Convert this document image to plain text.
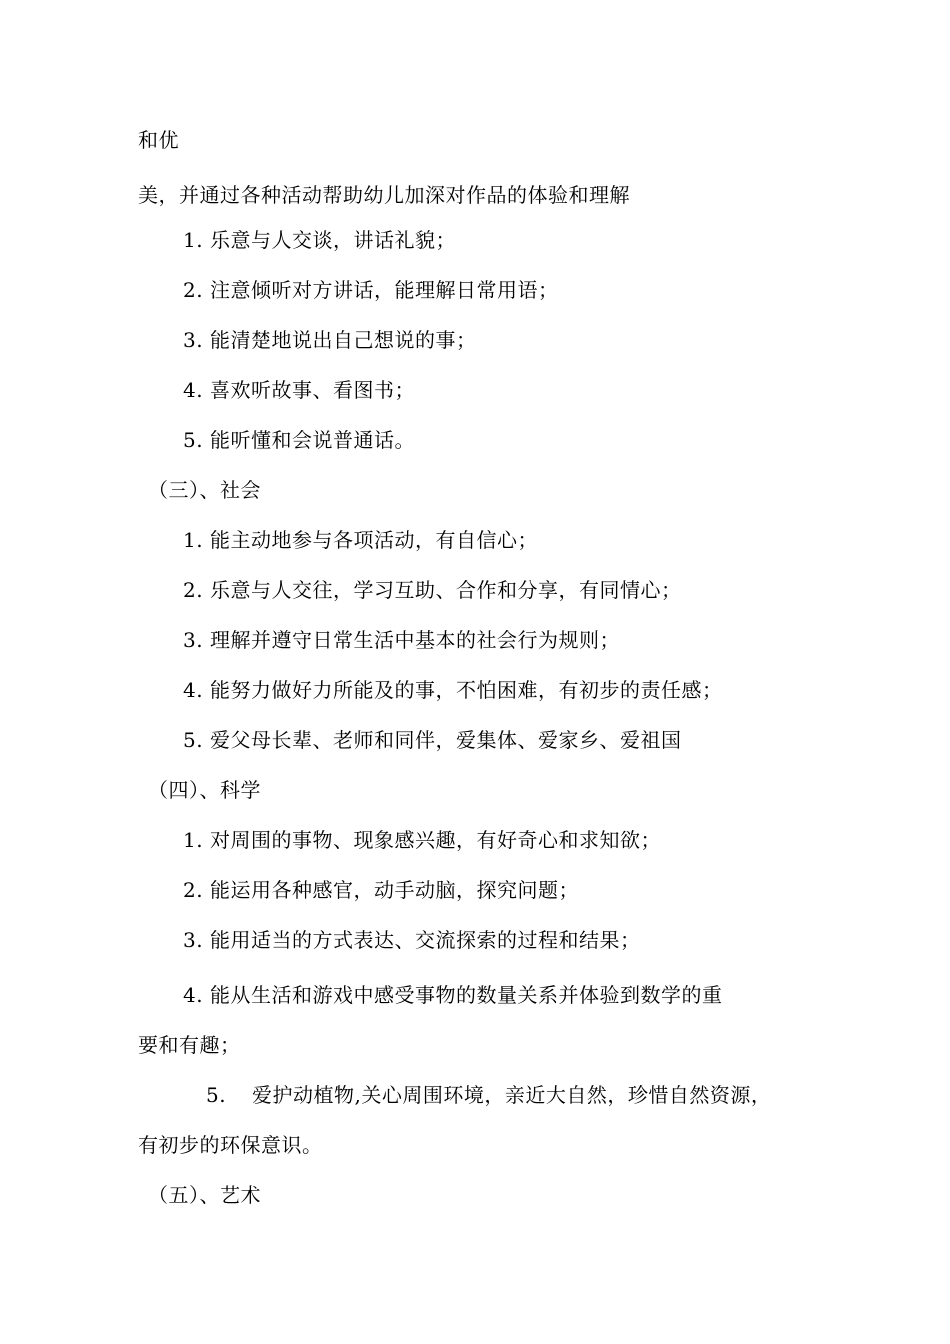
和优
美，并通过各种活动帮助幼儿加深对作品的体验和理解
1. 乐意与人交谈，讲话礼貌；
2. 注意倾听对方讲话，能理解日常用语；
3. 能清楚地说出自己想说的事；
4. 喜欢听故事、看图书；
5. 能听懂和会说普通话。
（三）、社会
1. 能主动地参与各项活动，有自信心；
2. 乐意与人交往，学习互助、合作和分享，有同情心；
3. 理解并遵守日常生活中基本的社会行为规则；
4. 能努力做好力所能及的事，不怕困难，有初步的责任感；
5. 爱父母长辈、老师和同伴，爱集体、爱家乡、爱祖国
（四）、科学
1. 对周围的事物、现象感兴趣，有好奇心和求知欲；
2. 能运用各种感官，动手动脑，探究问题；
3. 能用适当的方式表达、交流探索的过程和结果；
4. 能从生活和游戏中感受事物的数量关系并体验到数学的重
要和有趣；
5. 爱护动植物,关心周围环境，亲近大自然，珍惜自然资源，
有初步的环保意识。
（五）、艺术
